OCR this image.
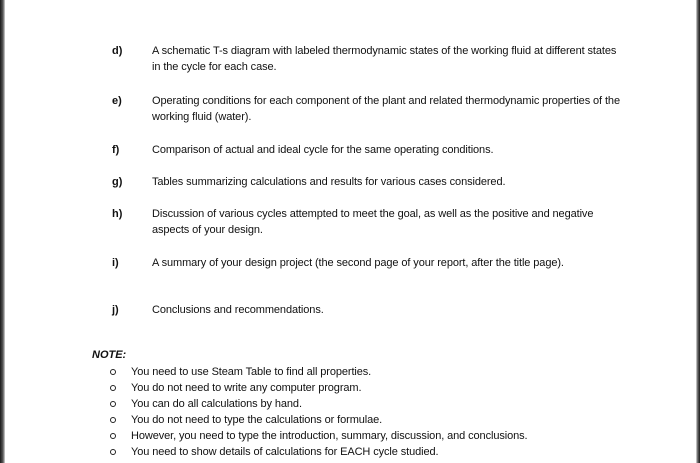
d)	A schematic T-s diagram with labeled thermodynamic states of the working fluid at different states in the cycle for each case.
e)	Operating conditions for each component of the plant and related thermodynamic properties of the working fluid (water).
f)	Comparison of actual and ideal cycle for the same operating conditions.
g)	Tables summarizing calculations and results for various cases considered.
h)	Discussion of various cycles attempted to meet the goal, as well as the positive and negative aspects of your design.
i)	A summary of your design project (the second page of your report, after the title page).
j)	Conclusions and recommendations.
NOTE:
You need to use Steam Table to find all properties.
You do not need to write any computer program.
You can do all calculations by hand.
You do not need to type the calculations or formulae.
However, you need to type the introduction, summary, discussion, and conclusions.
You need to show details of calculations for EACH cycle studied.
